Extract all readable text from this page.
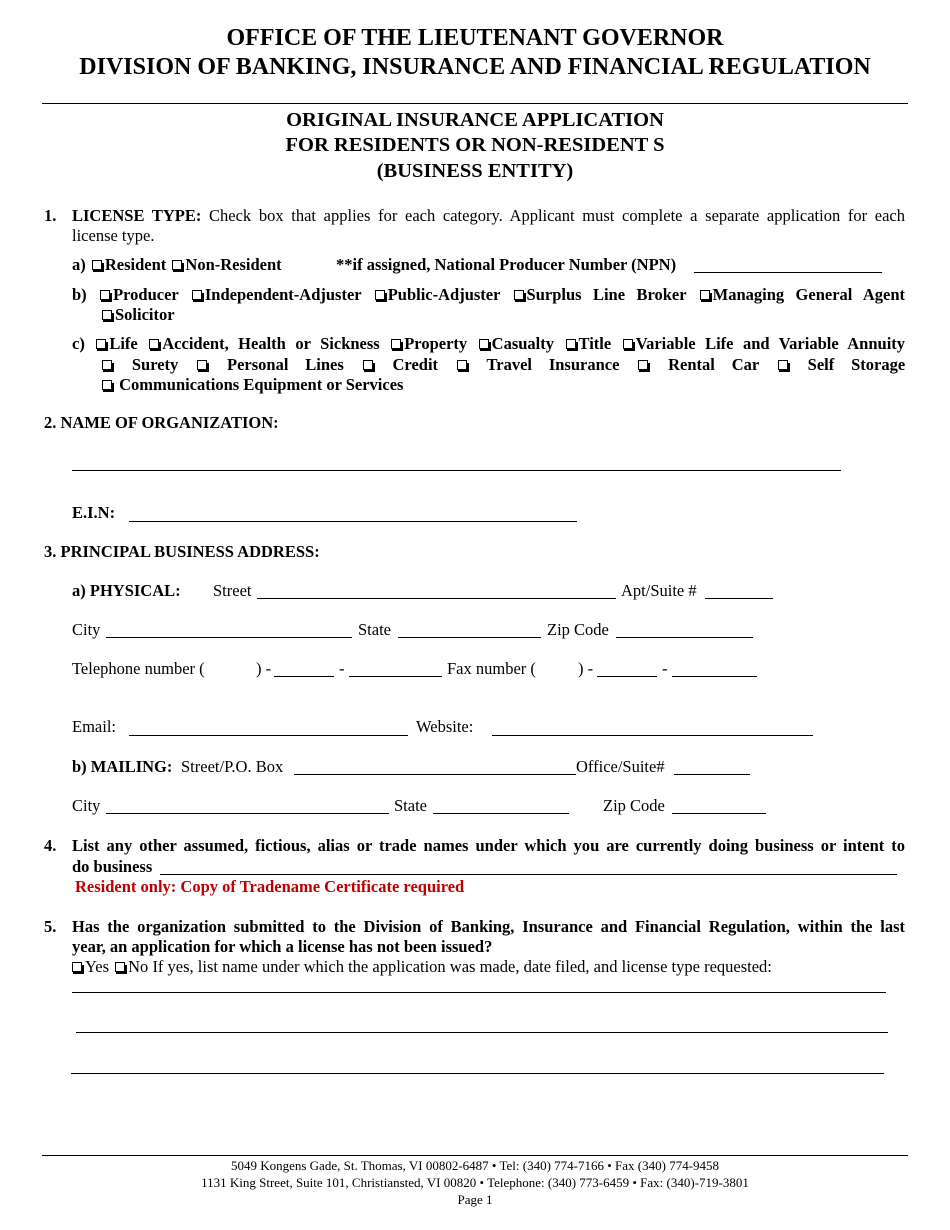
OFFICE OF THE LIEUTENANT GOVERNOR
DIVISION OF BANKING, INSURANCE AND FINANCIAL REGULATION
ORIGINAL INSURANCE APPLICATION
FOR RESIDENTS OR NON-RESIDENT S
(BUSINESS ENTITY)
1. LICENSE TYPE: Check box that applies for each category. Applicant must complete a separate application for each
license type.
a) Resident Non-Resident	**if assigned, National Producer Number (NPN)
b) Producer Independent-Adjuster Public-Adjuster Surplus Line Broker Managing General Agent
Solicitor
c) Life Accident, Health or Sickness Property Casualty Title Variable Life and Variable Annuity
Surety	Personal Lines	Credit	Travel Insurance	Rental Car	Self Storage
Communications Equipment or Services
2. NAME OF ORGANIZATION:
E.I.N:
3. PRINCIPAL BUSINESS ADDRESS:
a) PHYSICAL: Street	Apt/Suite #
City	State	Zip Code
Telephone number (	) -	-	Fax number (	) -	-
Email:	Website:
b) MAILING: Street/P.O. Box	Office/Suite#
City	State	Zip Code
4. List any other assumed, fictious, alias or trade names under which you are currently doing business or intent to
do business
Resident only: Copy of Tradename Certificate required
5. Has the organization submitted to the Division of Banking, Insurance and Financial Regulation, within the last
year, an application for which a license has not been issued?
Yes No If yes, list name under which the application was made, date filed, and license type requested:
5049 Kongens Gade, St. Thomas, VI 00802-6487 • Tel: (340) 774-7166 • Fax (340) 774-9458
1131 King Street, Suite 101, Christiansted, VI 00820 • Telephone: (340) 773-6459 • Fax: (340)-719-3801
Page 1
